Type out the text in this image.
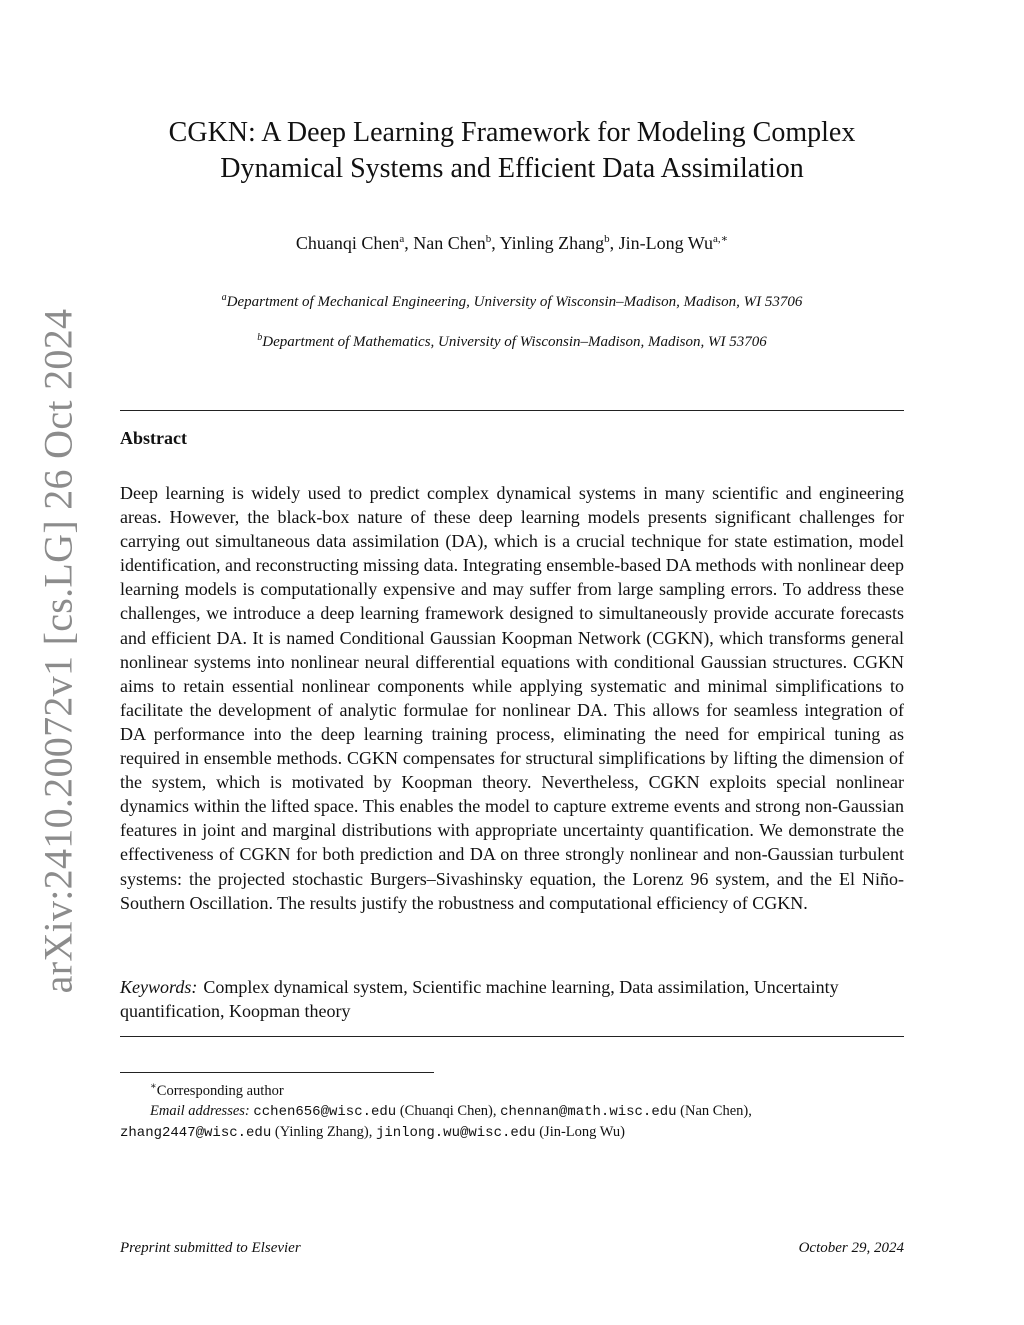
arXiv:2410.20072v1 [cs.LG] 26 Oct 2024
CGKN: A Deep Learning Framework for Modeling Complex
Dynamical Systems and Efficient Data Assimilation
Chuanqi Chen$^a$, Nan Chen$^b$, Yinling Zhang$^b$, Jin-Long $Wu^{a,∗}$
$^a$Department of Mechanical Engineering, University of Wisconsin–Madison, Madison, WI 53706
$^b$Department of Mathematics, University of Wisconsin–Madison, Madison, WI 53706
Abstract

Deep learning is widely used to predict complex dynamical systems in many scientific and engineering areas. However, the black-box nature of these deep learning models presents significant challenges for carrying out simultaneous data assimilation (DA), which is a crucial technique for state estimation, model identification, and reconstructing missing data. Integrating ensemble-based DA methods with nonlinear deep learning models is computationally expensive and may suffer from large sampling errors. To address these challenges, we introduce a deep learning framework designed to simultaneously provide accurate forecasts and efficient DA. It is named Conditional Gaussian Koopman Network (CGKN), which transforms general nonlinear systems into nonlinear neural differential equations with conditional Gaussian structures. CGKN aims to retain essential nonlinear components while applying systematic and minimal simplifications to facilitate the development of analytic formulae for nonlinear DA. This allows for seamless integration of DA performance into the deep learning training process, eliminating the need for empirical tuning as required in ensemble methods. CGKN compensates for structural simplifications by lifting the dimension of the system, which is motivated by Koopman theory. Nevertheless, CGKN exploits special nonlinear dynamics within the lifted space. This enables the model to capture extreme events and strong non-Gaussian features in joint and marginal distributions with appropriate uncertainty quantification. We demonstrate the effectiveness of CGKN for both prediction and DA on three strongly nonlinear and non-Gaussian turbulent systems: the projected stochastic Burgers–Sivashinsky equation, the Lorenz 96 system, and the El Niño-Southern Oscillation. The results justify the robustness and computational efficiency of CGKN.

Keywords: Complex dynamical system, Scientific machine learning, Data assimilation, Uncertainty quantification, Koopman theory

∗Corresponding author
Email addresses: cchen656@wisc.edu (Chuanqi Chen), chennan@math.wisc.edu (Nan Chen), zhang2447@wisc.edu (Yinling Zhang), jinlong.wu@wisc.edu (Jin-Long Wu)
Preprint submitted to Elsevier	October 29, 2024
